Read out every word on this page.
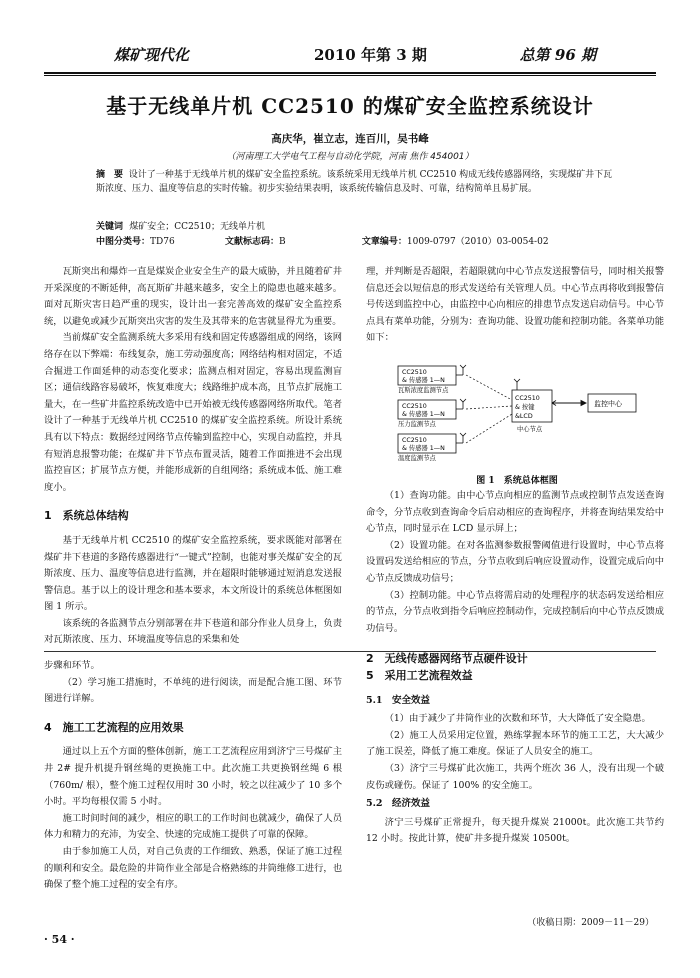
煤矿现代化	2010 年第 3 期	总第 96 期
基于无线单片机 CC2510 的煤矿安全监控系统设计
高庆华，崔立志，连百川，吴书峰
（河南理工大学电气工程与自动化学院，河南 焦作 454001）
摘　要 设计了一种基于无线单片机的煤矿安全监控系统。该系统采用无线单片机 CC2510 构成无线传感器网络，实现煤矿井下瓦斯浓度、压力、温度等信息的实时传输。初步实验结果表明，该系统传输信息及时、可靠，结构简单且易扩展。
关键词 煤矿安全；CC2510；无线单片机
中图分类号：TD76	文献标志码：B	文章编号：1009-0797（2010）03-0054-02

瓦斯突出和爆炸一直是煤炭企业安全生产的最大威胁，并且随着矿井开采深度的不断延伸，高瓦斯矿井越来越多，安全上的隐患也越来越多。面对瓦斯灾害日趋严重的现实，设计出一套完善高效的煤矿安全监控系统，以避免或减少瓦斯突出灾害的发生及其带来的危害就显得尤为重要。

当前煤矿安全监测系统大多采用有线和固定传感器组成的网络，该网络存在以下弊端：布线复杂，施工劳动强度高；网络结构相对固定，不适合掘进工作面延伸的动态变化要求；监测点相对固定，容易出现监测盲区；通信线路容易破坏，恢复难度大；线路维护成本高，且节点扩展施工量大，在一些矿井监控系统改造中已开始被无线传感器网络所取代。笔者设计了一种基于无线单片机 CC2510 的煤矿安全监控系统。所设计系统具有以下特点：数据经过网络节点传输到监控中心，实现自动监控，并具有短消息报警功能；在煤矿井下节点布置灵活，随着工作面推进不会出现监控盲区；扩展节点方便，并能形成新的自组网络；系统成本低、施工难度小。

1　系统总体结构

基于无线单片机 CC2510 的煤矿安全监控系统，要求既能对部署在煤矿井下巷道的多路传感器进行“一键式”控制，也能对事关煤矿安全的瓦斯浓度、压力、温度等信息进行监测，并在超限时能够通过短消息发送报警信息。基于以上的设计理念和基本要求，本文所设计的系统总体框图如图 1 所示。

该系统的各监测节点分别部署在井下巷道和部分作业人员身上，负责对瓦斯浓度、压力、环境温度等信息的采集和处

理，并判断是否超限，若超限就向中心节点发送报警信号，同时相关报警信息还会以短信息的形式发送给有关管理人员。中心节点再将收到报警信号传送到监控中心，由监控中心向相应的排患节点发送启动信号。中心节点具有菜单功能，分别为：查询功能、设置功能和控制功能。各菜单功能如下：

CC2510
& 传感器 1—N
瓦斯浓度监测节点
CC2510
& 传感器 1—N
压力监测节点
CC2510
& 传感器 1—N
温度监测节点
CC2510
& 按键
&LCD
中心节点
监控中心
图 1　系统总体框图

（1）查询功能。由中心节点向相应的监测节点或控制节点发送查询命令，分节点收到查询命令后启动相应的查询程序，并将查询结果发给中心节点，同时显示在 LCD 显示屏上；

（2）设置功能。在对各监测参数报警阈值进行设置时，中心节点将设置码发送给相应的节点，分节点收到后响应设置动作，设置完成后向中心节点反馈成功信号；

（3）控制功能。中心节点将需启动的处理程序的状态码发送给相应的节点，分节点收到指令后响应控制动作，完成控制后向中心节点反馈成功信号。

2　无线传感器网络节点硬件设计

步骤和环节。

（2）学习施工措施时，不单纯的进行阅读，而是配合施工图、环节图进行详解。

4　施工工艺流程的应用效果

通过以上五个方面的整体创新，施工工艺流程应用到济宁三号煤矿主井 2# 提升机提升钢丝绳的更换施工中。此次施工共更换钢丝绳 6 根（760m/ 根），整个施工过程仅用时 30 小时，较之以往减少了 10 多个小时。平均每根仅需 5 小时。

施工时间时间的减少，相应的职工的工作时间也就减少，确保了人员体力和精力的充沛，为安全、快速的完成施工提供了可靠的保障。

由于参加施工人员，对自己负责的工作细致、熟悉，保证了施工过程的顺利和安全。最危险的井筒作业全部是合格熟练的井筒维修工进行，也确保了整个施工过程的安全有序。

5　采用工艺流程效益
5.1　安全效益

（1）由于减少了井筒作业的次数和环节，大大降低了安全隐患。

（2）施工人员采用定位置，熟练掌握本环节的施工工艺，大大减少了施工误差，降低了施工难度。保证了人员安全的施工。

（3）济宁三号煤矿此次施工，共两个班次 36 人，没有出现一个破皮伤或碰伤。保证了 100% 的安全施工。

5.2　经济效益

济宁三号煤矿正常提升，每天提升煤炭 21000t。此次施工共节约 12 小时。按此计算，使矿井多提升煤炭 10500t。

（收稿日期：2009－11－29）
· 54 ·
